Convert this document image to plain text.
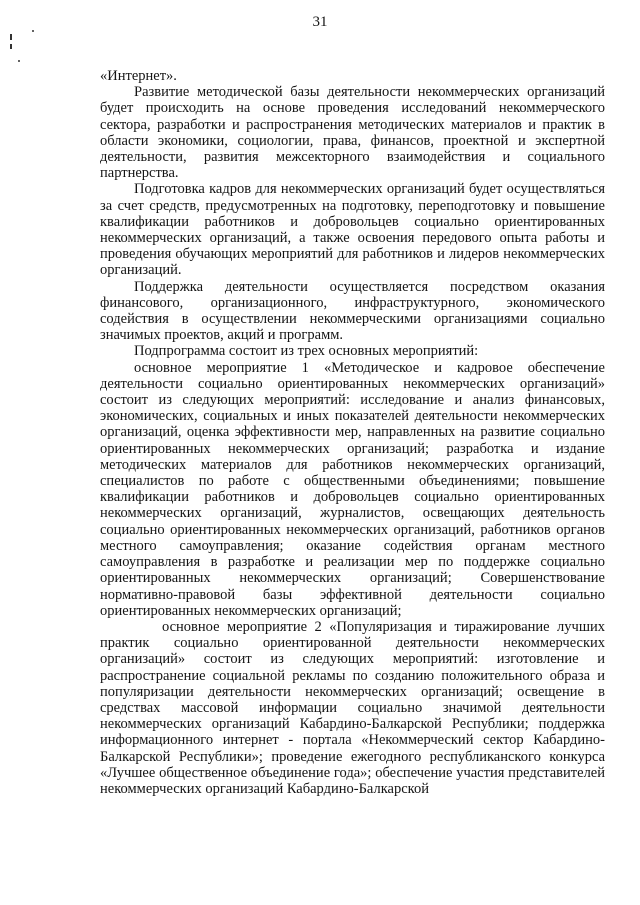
31

«Интернет».

Развитие методической базы деятельности некоммерческих организаций будет происходить на основе проведения исследований некоммерческого сектора, разработки и распространения методических материалов и практик в области экономики, социологии, права, финансов, проектной и экспертной деятельности, развития межсекторного взаимодействия и социального партнерства.

Подготовка кадров для некоммерческих организаций будет осуществляться за счет средств, предусмотренных на подготовку, переподготовку и повышение квалификации работников и добровольцев социально ориентированных некоммерческих организаций, а также освоения передового опыта работы и проведения обучающих мероприятий для работников и лидеров некоммерческих организаций.

Поддержка деятельности осуществляется посредством оказания финансового, организационного, инфраструктурного, экономического содействия в осуществлении некоммерческими организациями социально значимых проектов, акций и программ.

Подпрограмма состоит из трех основных мероприятий:

основное мероприятие 1 «Методическое и кадровое обеспечение деятельности социально ориентированных некоммерческих организаций» состоит из следующих мероприятий: исследование и анализ финансовых, экономических, социальных и иных показателей деятельности некоммерческих организаций, оценка эффективности мер, направленных на развитие социально ориентированных некоммерческих организаций; разработка и издание методических материалов для работников некоммерческих организаций, специалистов по работе с общественными объединениями; повышение квалификации работников и добровольцев социально ориентированных некоммерческих организаций, журналистов, освещающих деятельность социально ориентированных некоммерческих организаций, работников органов местного самоуправления; оказание содействия органам местного самоуправления в разработке и реализации мер по поддержке социально ориентированных некоммерческих организаций; Совершенствование нормативно-правовой базы эффективной деятельности социально ориентированных некоммерческих организаций;

основное мероприятие 2 «Популяризация и тиражирование лучших практик социально ориентированной деятельности некоммерческих организаций» состоит из следующих мероприятий: изготовление и распространение социальной рекламы по созданию положительного образа и популяризации деятельности некоммерческих организаций; освещение в средствах массовой информации социально значимой деятельности некоммерческих организаций Кабардино-Балкарской Республики; поддержка информационного интернет - портала «Некоммерческий сектор Кабардино-Балкарской Республики»; проведение ежегодного республиканского конкурса «Лучшее общественное объединение года»; обеспечение участия представителей некоммерческих организаций Кабардино-Балкарской
